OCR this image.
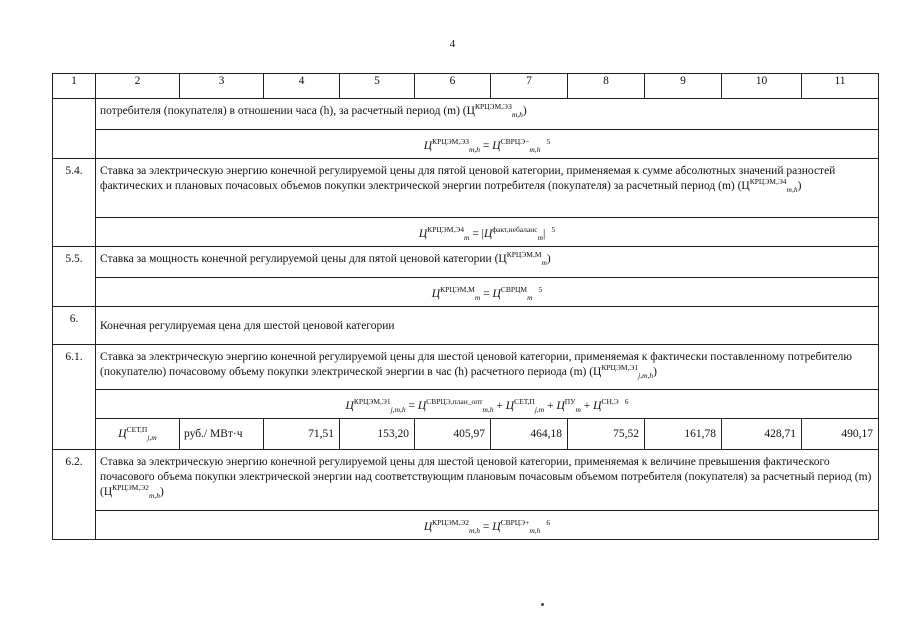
4
1	2	3	4	5	6	7	8	9	10	11
	потребителя (покупателя) в отношении часа (h), за расчетный период (m) $(Ц^{КРЦЭМ,ЭЗ}_{m,h})$									
	$Ц^{КРЦЭМ,ЭЗ}_{m,h} = Ц^{СВРЦЭ-}_{m,h}^5$
5.4.	Ставка за электрическую энергию конечной регулируемой цены для пятой ценовой категории, применяемая к сумме абсолютных значений разностей фактических и плановых почасовых объемов покупки электрической энергии потребителя (покупателя) за расчетный период (m) $(Ц^{КРЦЭМ,Э4}_{m,h})$									
	$Ц^{КРЦЭМ,Э4}_m = |Ц^{факт,небаланс}_m|$ $^5$
5.5.	Ставка за мощность конечной регулируемой цены для пятой ценовой категории $(Ц^{КРЦЭМ,М}_m)$									
	$Ц^{КРЦЭМ,М}_m = Ц^{СВРЦМ}_m^5$
6.	Конечная регулируемая цена для шестой ценовой категории									
6.1.	Ставка за электрическую энергию конечной регулируемой цены для шестой ценовой категории, применяемая к фактически поставленному потребителю (покупателю) почасовому объему покупки электрической энергии в час (h) расчетного периода (m) $(Ц^{КРЦЭМ,Э1}_{j,m,h})$									
	$Ц^{КРЦЭМ,Э1}_{j,m,h} = Ц^{СВРЦЭ,план\_опт}_{m,h} + Ц^{СЕТ,П}_{j,m} + Ц^{ПУ}_m + Ц^{СН,Э}$ $^6$
	$Ц^{СЕТ,П}_{j,m}$	руб./ МВт·ч	71,51	153,20	405,97	464,18	75,52	161,78	428,71	490,17
6.2.	Ставка за электрическую энергию конечной регулируемой цены для шестой ценовой категории, применяемая к величине превышения фактического почасового объема покупки электрической энергии над соответствующим плановым почасовым объемом потребителя (покупателя) за расчетный период (m) $(Ц^{КРЦЭМ,Э2}_{m,h})$									
	$Ц^{КРЦЭМ,Э2}_{m,h} = Ц^{СВРЦЭ+}_{m,h}^6$
